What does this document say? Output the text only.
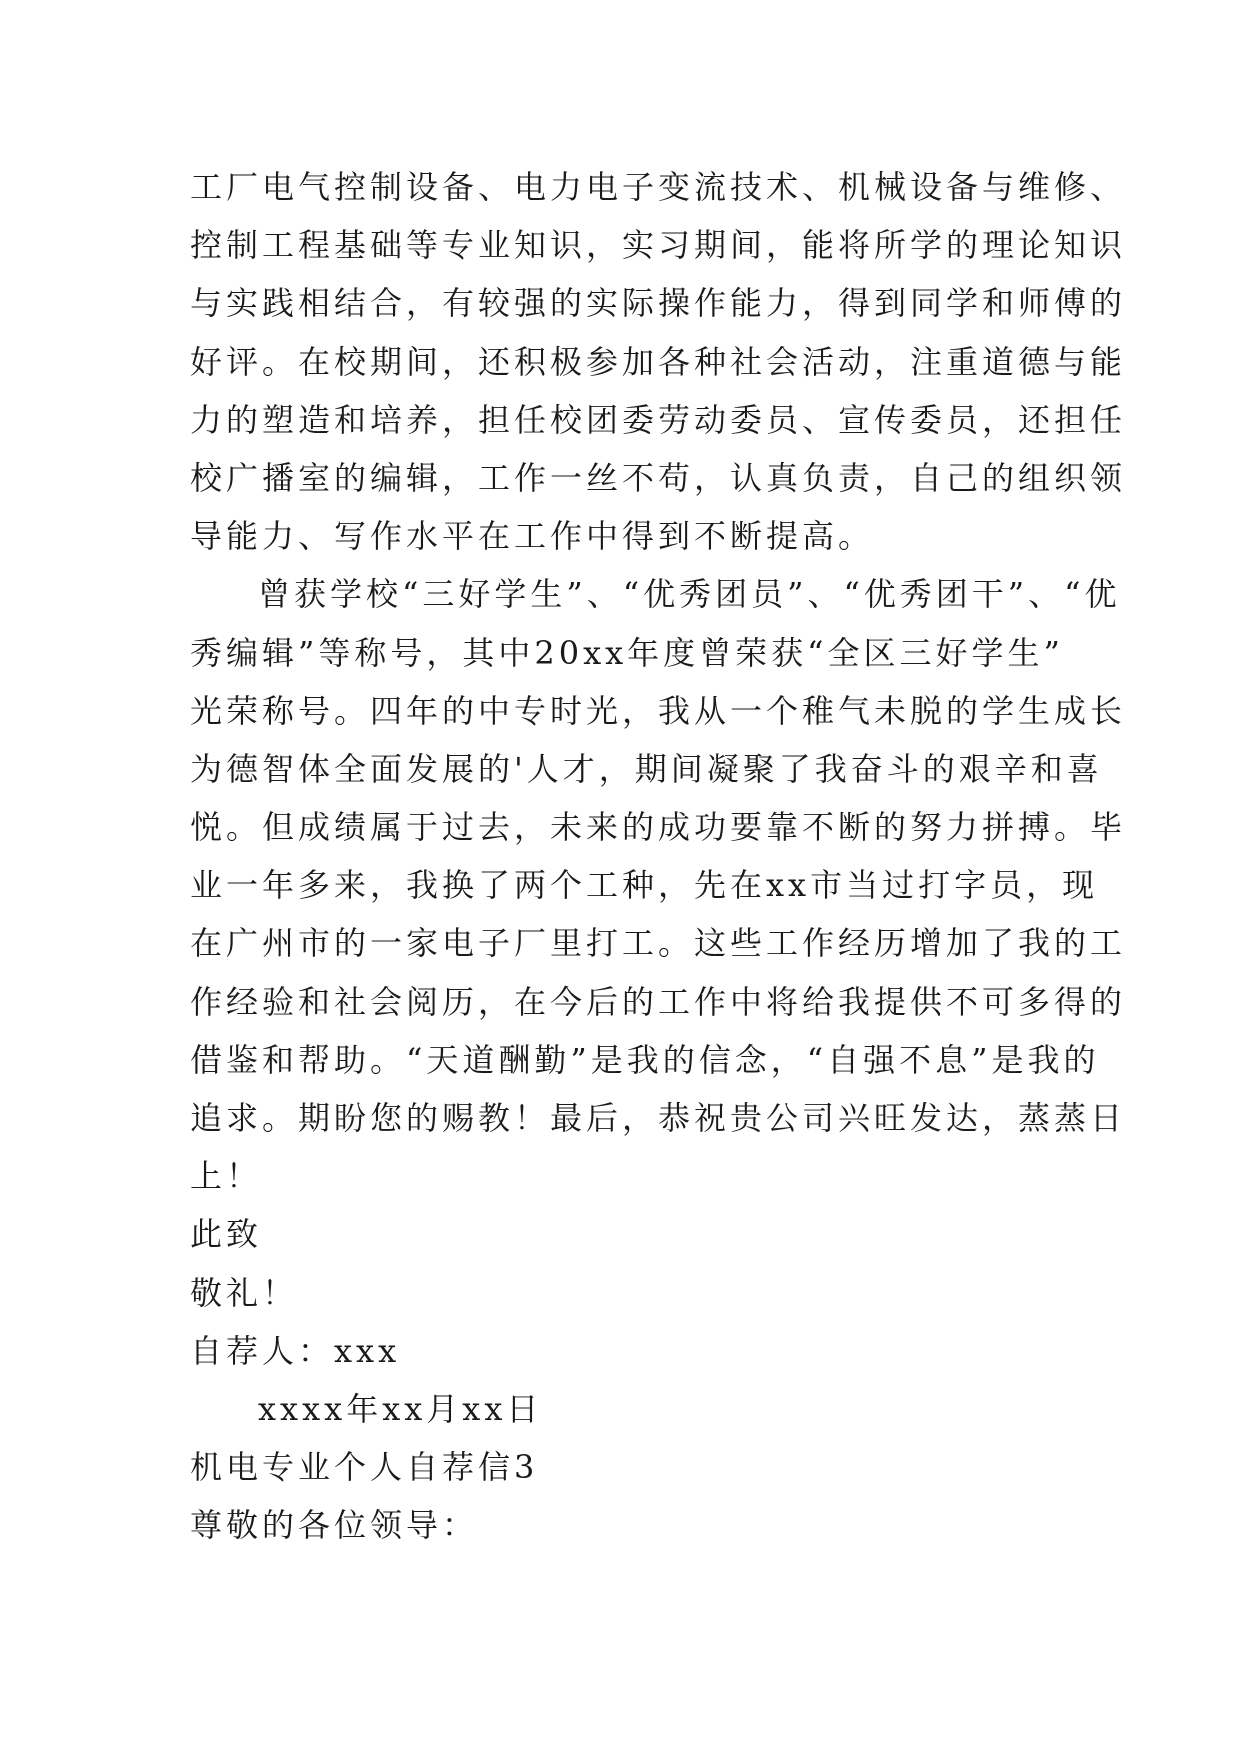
工厂电气控制设备、电力电子变流技术、机械设备与维修、
控制工程基础等专业知识，实习期间，能将所学的理论知识
与实践相结合，有较强的实际操作能力，得到同学和师傅的
好评。在校期间，还积极参加各种社会活动，注重道德与能
力的塑造和培养，担任校团委劳动委员、宣传委员，还担任
校广播室的编辑，工作一丝不苟，认真负责，自己的组织领
导能力、写作水平在工作中得到不断提高。
曾获学校“三好学生”、“优秀团员”、“优秀团干”、“优
秀编辑”等称号，其中20xx年度曾荣获“全区三好学生”
光荣称号。四年的中专时光，我从一个稚气未脱的学生成长
为德智体全面发展的'人才，期间凝聚了我奋斗的艰辛和喜
悦。但成绩属于过去，未来的成功要靠不断的努力拼搏。毕
业一年多来，我换了两个工种，先在xx市当过打字员，现
在广州市的一家电子厂里打工。这些工作经历增加了我的工
作经验和社会阅历，在今后的工作中将给我提供不可多得的
借鉴和帮助。“天道酬勤”是我的信念，“自强不息”是我的
追求。期盼您的赐教！最后，恭祝贵公司兴旺发达，蒸蒸日
上！
此致
敬礼！
自荐人：xxx
xxxx年xx月xx日
机电专业个人自荐信3
尊敬的各位领导：
